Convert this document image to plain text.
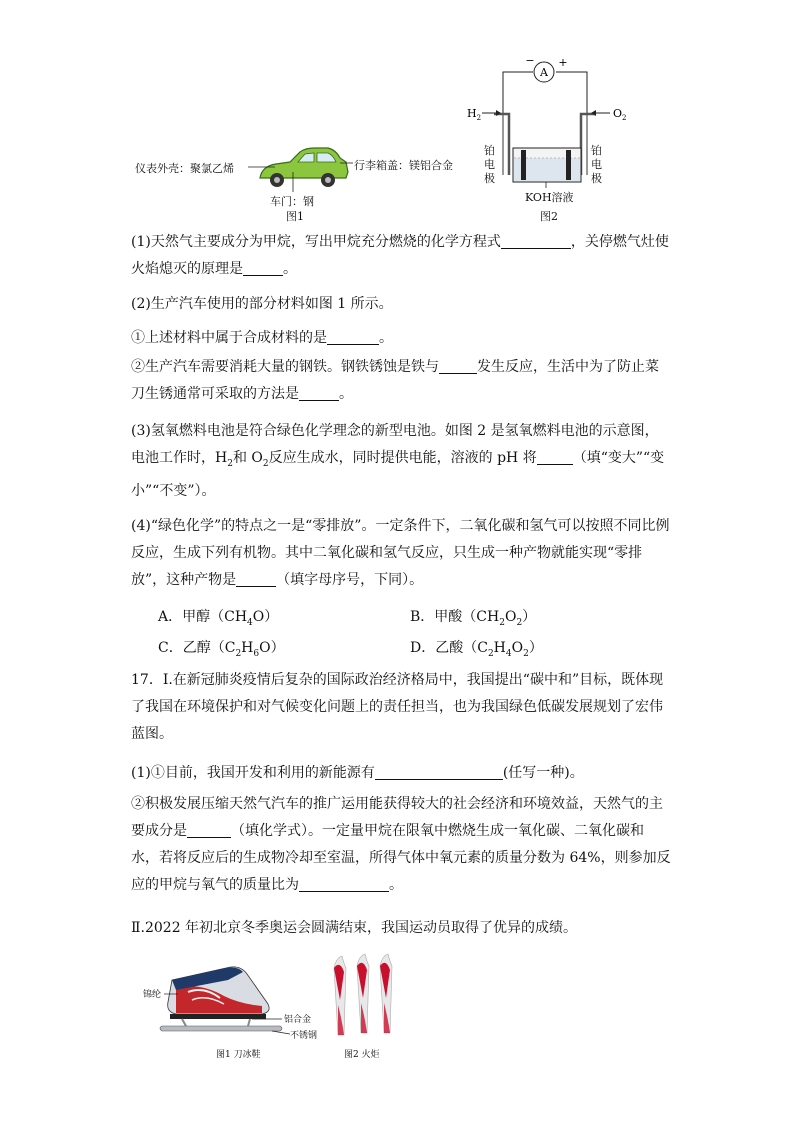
仪表外壳：聚氯乙烯	行李箱盖：镁铝合金
车门：钢
图1
A
− +
$H_2$	$O_2$
铂电极
铂电极
KOH溶液
图2
(1)天然气主要成分为甲烷，写出甲烷充分燃烧的化学方程式	，关停燃气灶使火焰熄灭的原理是	。
(2)生产汽车使用的部分材料如图 1 所示。
①上述材料中属于合成材料的是	。
②生产汽车需要消耗大量的钢铁。钢铁锈蚀是铁与	发生反应，生活中为了防止菜刀生锈通常可采取的方法是	。
(3)氢氧燃料电池是符合绿色化学理念的新型电池。如图 2 是氢氧燃料电池的示意图，电池工作时，$H_2$和 $O_2$反应生成水，同时提供电能，溶液的 pH 将	（填“变大”“变小”“不变”）。
(4)“绿色化学”的特点之一是“零排放”。一定条件下，二氧化碳和氢气可以按照不同比例反应，生成下列有机物。其中二氧化碳和氢气反应，只生成一种产物就能实现“零排放”，这种产物是	（填字母序号，下同）。
A．甲醇$(CH_4O)$	B．甲酸$(CH_2O_2)$
C．乙醇$(C_2H_6O)$	D．乙酸$(C_2H_4O_2)$
17．Ⅰ.在新冠肺炎疫情后复杂的国际政治经济格局中，我国提出“碳中和”目标，既体现了我国在环境保护和对气候变化问题上的责任担当，也为我国绿色低碳发展规划了宏伟蓝图。
(1)①目前，我国开发和利用的新能源有	(任写一种)。
②积极发展压缩天然气汽车的推广运用能获得较大的社会经济和环境效益，天然气的主要成分是	（填化学式）。一定量甲烷在限氧中燃烧生成一氧化碳、二氧化碳和水，若将反应后的生成物冷却至室温，所得气体中氧元素的质量分数为 64%，则参加反应的甲烷与氧气的质量比为	。
Ⅱ.2022 年初北京冬季奥运会圆满结束，我国运动员取得了优异的成绩。
锦纶
铝合金
不锈钢
图1 刀冰鞋	图2 火炬
